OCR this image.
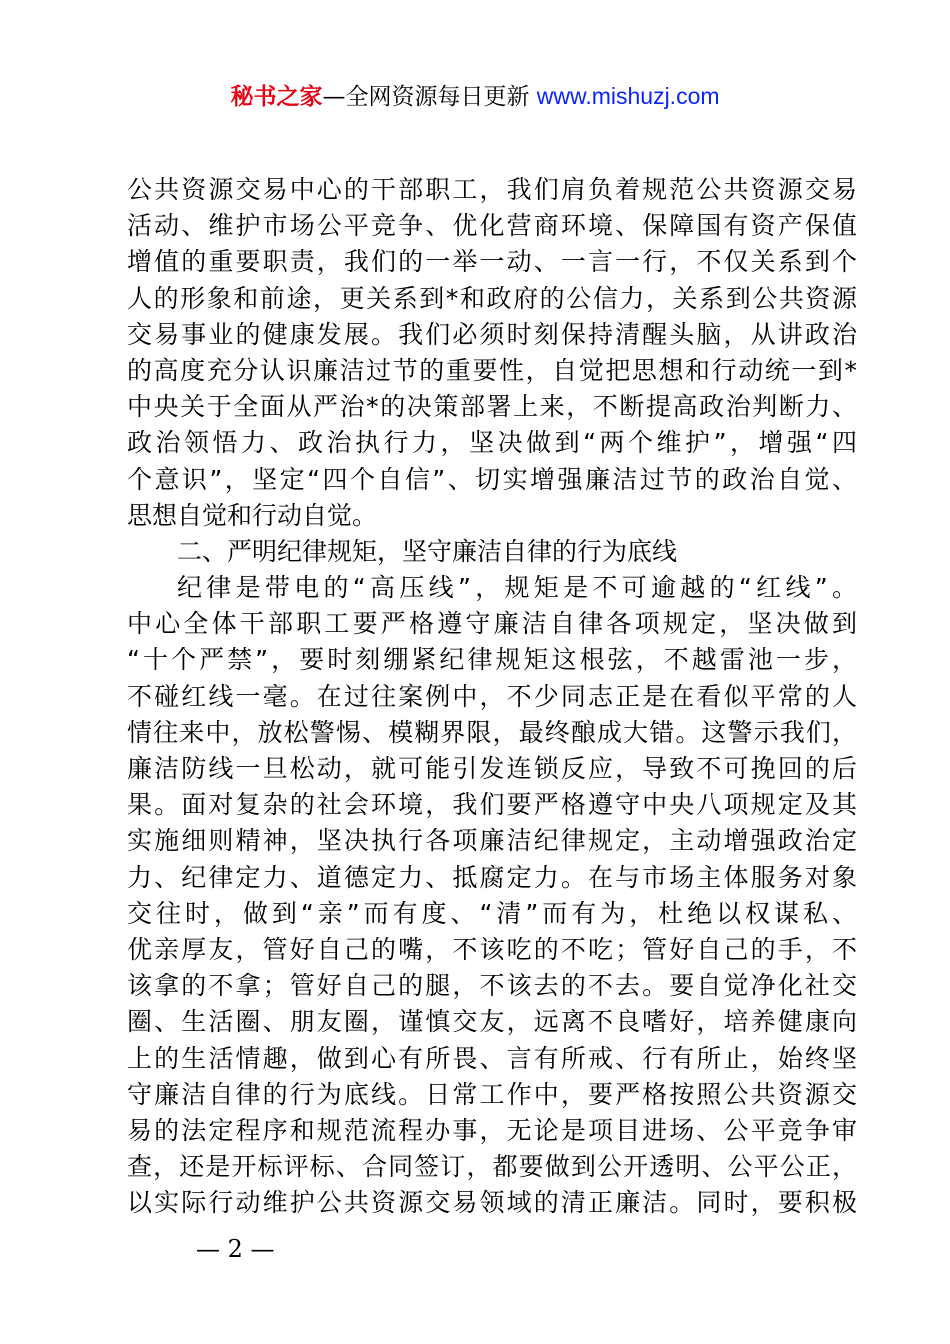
秘书之家—全网资源每日更新 www.mishuzj.com
公共资源交易中心的干部职工，我们肩负着规范公共资源交易
活动、维护市场公平竞争、优化营商环境、保障国有资产保值
增值的重要职责，我们的一举一动、一言一行，不仅关系到个
人的形象和前途，更关系到*和政府的公信力，关系到公共资源
交易事业的健康发展。我们必须时刻保持清醒头脑，从讲政治
的高度充分认识廉洁过节的重要性，自觉把思想和行动统一到*
中央关于全面从严治*的决策部署上来，不断提高政治判断力、
政治领悟力、政治执行力，坚决做到“两个维护”，增强“四
个意识”，坚定“四个自信”、切实增强廉洁过节的政治自觉、
思想自觉和行动自觉。
二、严明纪律规矩，坚守廉洁自律的行为底线
纪律是带电的“高压线”，规矩是不可逾越的“红线”。
中心全体干部职工要严格遵守廉洁自律各项规定，坚决做到
“十个严禁”，要时刻绷紧纪律规矩这根弦，不越雷池一步，
不碰红线一毫。在过往案例中，不少同志正是在看似平常的人
情往来中，放松警惕、模糊界限，最终酿成大错。这警示我们，
廉洁防线一旦松动，就可能引发连锁反应，导致不可挽回的后
果。面对复杂的社会环境，我们要严格遵守中央八项规定及其
实施细则精神，坚决执行各项廉洁纪律规定，主动增强政治定
力、纪律定力、道德定力、抵腐定力。在与市场主体服务对象
交往时，做到“亲”而有度、“清”而有为，杜绝以权谋私、
优亲厚友，管好自己的嘴，不该吃的不吃；管好自己的手，不
该拿的不拿；管好自己的腿，不该去的不去。要自觉净化社交
圈、生活圈、朋友圈，谨慎交友，远离不良嗜好，培养健康向
上的生活情趣，做到心有所畏、言有所戒、行有所止，始终坚
守廉洁自律的行为底线。日常工作中，要严格按照公共资源交
易的法定程序和规范流程办事，无论是项目进场、公平竞争审
查，还是开标评标、合同签订，都要做到公开透明、公平公正，
以实际行动维护公共资源交易领域的清正廉洁。同时，要积极
— 2 —
